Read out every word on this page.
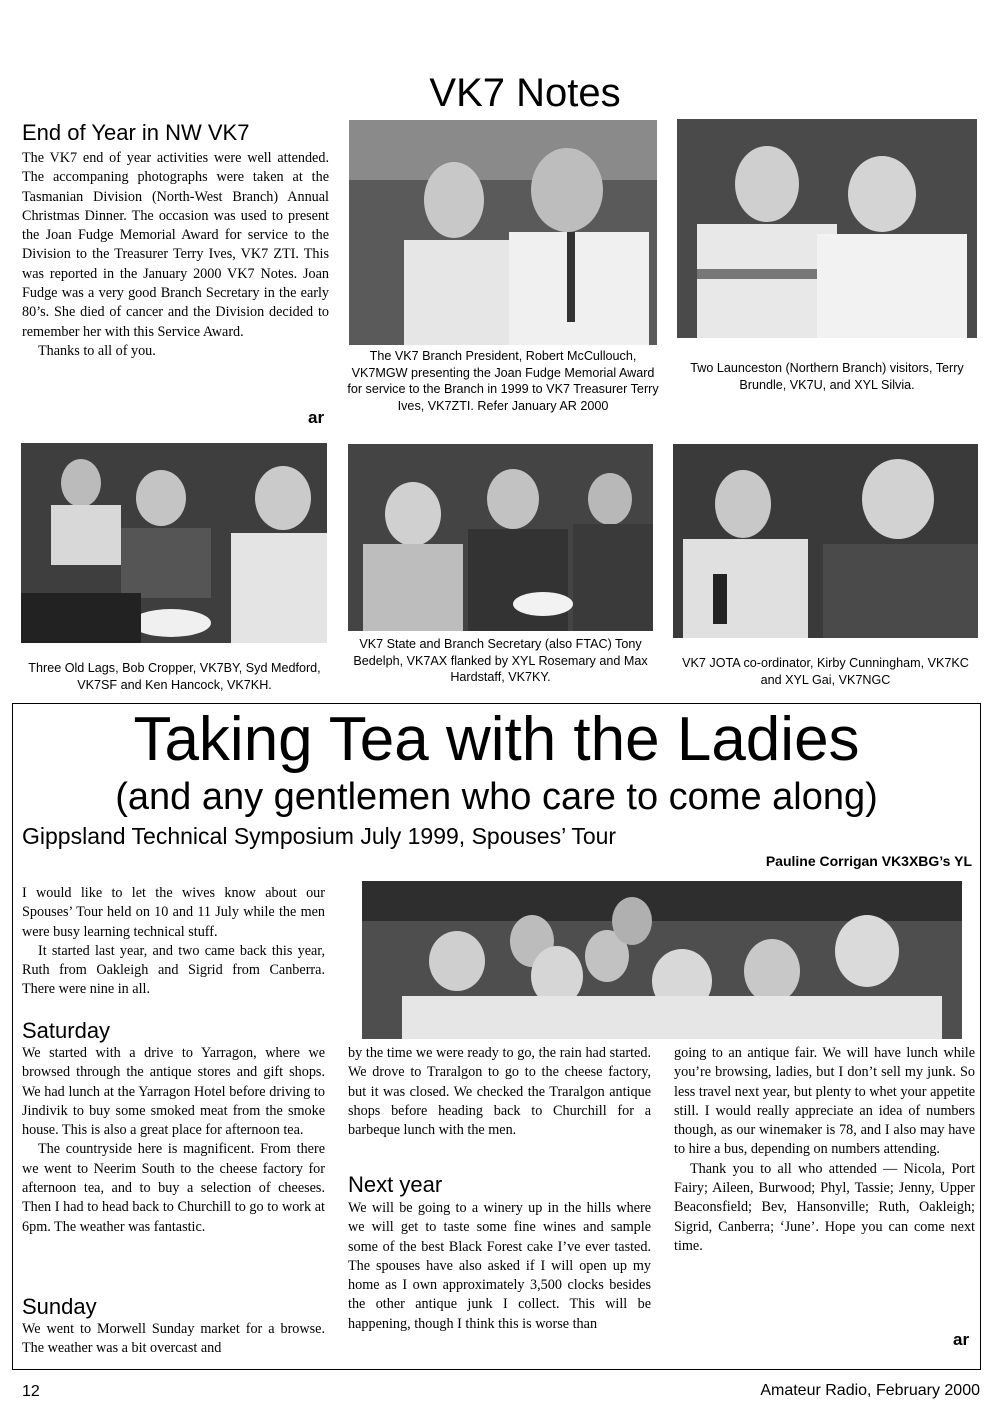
VK7 Notes
End of Year in NW VK7

The VK7 end of year activities were well attended. The accompaning photographs were taken at the Tasmanian Division (North-West Branch) Annual Christmas Dinner. The occasion was used to present the Joan Fudge Memorial Award for service to the Division to the Treasurer Terry Ives, VK7 ZTI. This was reported in the January 2000 VK7 Notes. Joan Fudge was a very good Branch Secretary in the early 80’s. She died of cancer and the Division decided to remember her with this Service Award.

Thanks to all of you.

ar
The VK7 Branch President, Robert McCullouch, VK7MGW presenting the Joan Fudge Memorial Award for service to the Branch in 1999 to VK7 Treasurer Terry Ives, VK7ZTI. Refer January AR 2000
Two Launceston (Northern Branch) visitors, Terry Brundle, VK7U, and XYL Silvia.
Three Old Lags, Bob Cropper, VK7BY, Syd Medford, VK7SF and Ken Hancock, VK7KH.
VK7 State and Branch Secretary (also FTAC) Tony Bedelph, VK7AX flanked by XYL Rosemary and Max Hardstaff, VK7KY.
VK7 JOTA co-ordinator, Kirby Cunningham, VK7KC and XYL Gai, VK7NGC
Taking Tea with the Ladies
(and any gentlemen who care to come along)
Gippsland Technical Symposium July 1999, Spouses’ Tour
Pauline Corrigan VK3XBG’s YL

I would like to let the wives know about our Spouses’ Tour held on 10 and 11 July while the men were busy learning technical stuff.

It started last year, and two came back this year, Ruth from Oakleigh and Sigrid from Canberra. There were nine in all.

Saturday

We started with a drive to Yarragon, where we browsed through the antique stores and gift shops. We had lunch at the Yarragon Hotel before driving to Jindivik to buy some smoked meat from the smoke house. This is also a great place for afternoon tea.

The countryside here is magnificent. From there we went to Neerim South to the cheese factory for afternoon tea, and to buy a selection of cheeses. Then I had to head back to Churchill to go to work at 6pm. The weather was fantastic.

Sunday
We went to Morwell Sunday market for a browse. The weather was a bit overcast and
by the time we were ready to go, the rain had started. We drove to Traralgon to go to the cheese factory, but it was closed. We checked the Traralgon antique shops before heading back to Churchill for a barbeque lunch with the men.
Next year
We will be going to a winery up in the hills where we will get to taste some fine wines and sample some of the best Black Forest cake I’ve ever tasted. The spouses have also asked if I will open up my home as I own approximately 3,500 clocks besides the other antique junk I collect. This will be happening, though I think this is worse than

going to an antique fair. We will have lunch while you’re browsing, ladies, but I don’t sell my junk. So less travel next year, but plenty to whet your appetite still. I would really appreciate an idea of numbers though, as our winemaker is 78, and I also may have to hire a bus, depending on numbers attending.

Thank you to all who attended — Nicola, Port Fairy; Aileen, Burwood; Phyl, Tassie; Jenny, Upper Beaconsfield; Bev, Hansonville; Ruth, Oakleigh; Sigrid, Canberra; ‘June’. Hope you can come next time.

ar
12	Amateur Radio, February 2000
